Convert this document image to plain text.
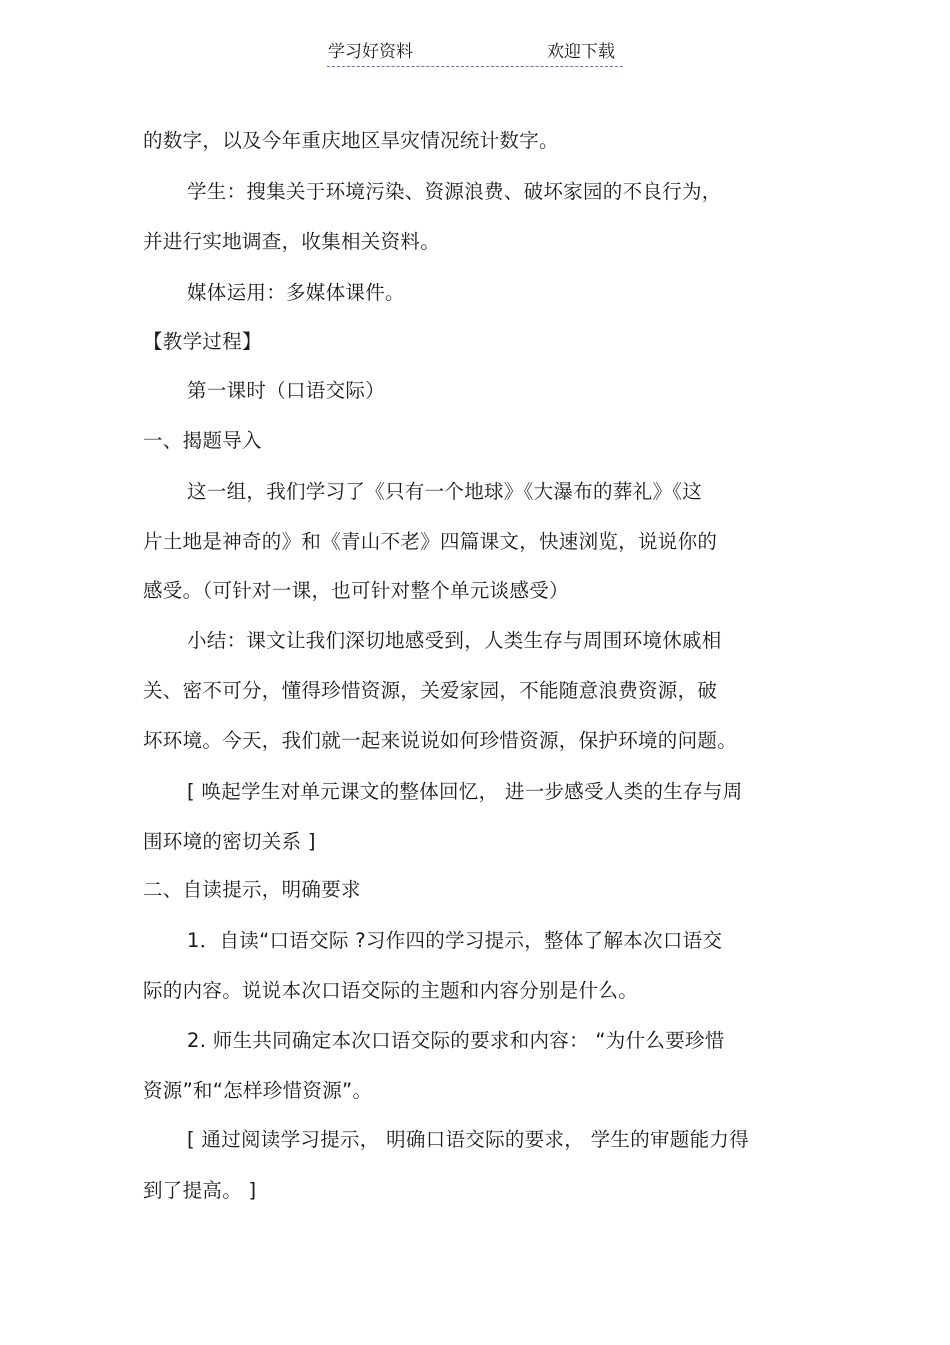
学习好资料	欢迎下载
的数字，以及今年重庆地区旱灾情况统计数字。
学生：搜集关于环境污染、资源浪费、破坏家园的不良行为，
并进行实地调查，收集相关资料。
媒体运用：多媒体课件。
【教学过程】
第一课时（口语交际）
一、揭题导入
这一组，我们学习了《只有一个地球》《大瀑布的葬礼》《这
片土地是神奇的》和《青山不老》四篇课文，快速浏览，说说你的
感受。（可针对一课，也可针对整个单元谈感受）
小结：课文让我们深切地感受到，人类生存与周围环境休戚相
关、密不可分，懂得珍惜资源，关爱家园，不能随意浪费资源，破
坏环境。今天，我们就一起来说说如何珍惜资源，保护环境的问题。
[ 唤起学生对单元课文的整体回忆， 进一步感受人类的生存与周
围环境的密切关系 ]
二、自读提示，明确要求
1．自读“口语交际 ?习作四的学习提示，整体了解本次口语交
际的内容。说说本次口语交际的主题和内容分别是什么。
2. 师生共同确定本次口语交际的要求和内容： “为什么要珍惜
资源”和“怎样珍惜资源”。
[ 通过阅读学习提示， 明确口语交际的要求， 学生的审题能力得
到了提高。 ]
